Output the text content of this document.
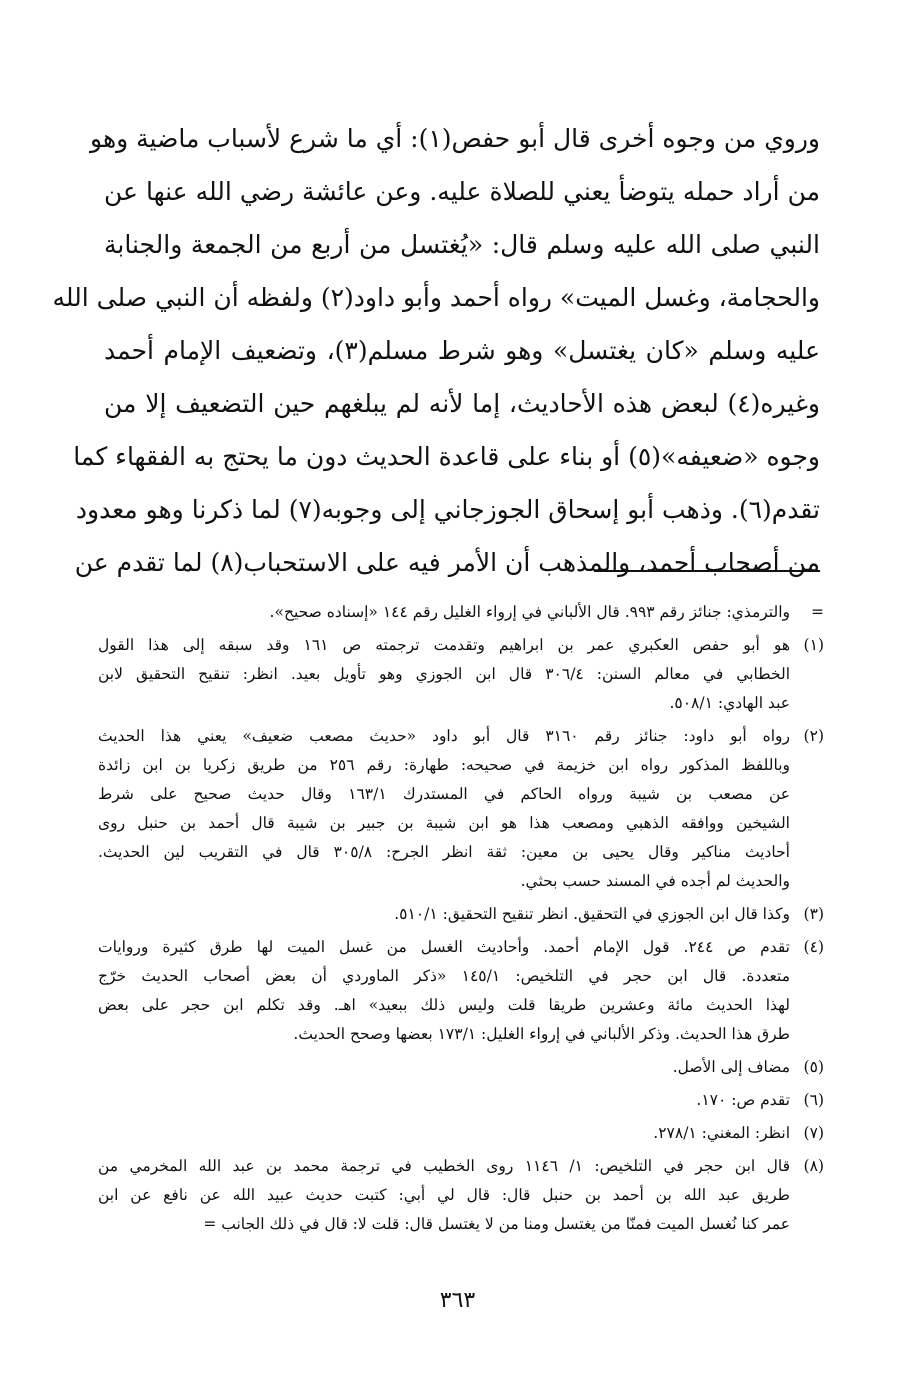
وروي من وجوه أخرى قال أبو حفص(١): أي ما شرع لأسباب ماضية وهو
من أراد حمله يتوضأ يعني للصلاة عليه. وعن عائشة رضي الله عنها عن
النبي صلى الله عليه وسلم قال: «يُغتسل من أربع من الجمعة والجنابة
والحجامة، وغسل الميت» رواه أحمد وأبو داود(٢) ولفظه أن النبي صلى الله
عليه وسلم «كان يغتسل» وهو شرط مسلم(٣)، وتضعيف الإمام أحمد
وغيره(٤) لبعض هذه الأحاديث، إما لأنه لم يبلغهم حين التضعيف إلا من
وجوه «ضعيفه»(٥) أو بناء على قاعدة الحديث دون ما يحتج به الفقهاء كما
تقدم(٦). وذهب أبو إسحاق الجوزجاني إلى وجوبه(٧) لما ذكرنا وهو معدود
من أصحاب أحمد، والمذهب أن الأمر فيه على الاستحباب(٨) لما تقدم عن
=
والترمذي: جنائز رقم ٩٩٣. قال الألباني في إرواء الغليل رقم ١٤٤ «إسناده صحيح».
(١)
هو أبو حفص العكبري عمر بن ابراهيم وتقدمت ترجمته ص ١٦١ وقد سبقه إلى هذا القول
الخطابي في معالم السنن: ٣٠٦/٤ قال ابن الجوزي وهو تأويل بعيد. انظر: تنقيح التحقيق لابن
عبد الهادي: ٥٠٨/١.
(٢)
رواه أبو داود: جنائز رقم ٣١٦٠ قال أبو داود «حديث مصعب ضعيف» يعني هذا الحديث
وباللفظ المذكور رواه ابن خزيمة في صحيحه: طهارة: رقم ٢٥٦ من طريق زكريا بن ابن زائدة
عن مصعب بن شيبة ورواه الحاكم في المستدرك ١٦٣/١ وقال حديث صحيح على شرط
الشيخين ووافقه الذهبي ومصعب هذا هو ابن شيبة بن جبير بن شيبة قال أحمد بن حنبل روى
أحاديث مناكير وقال يحيى بن معين: ثقة انظر الجرح: ٣٠٥/٨ قال في التقريب لين الحديث.
والحديث لم أجده في المسند حسب بحثي.
(٣)
وكذا قال ابن الجوزي في التحقيق. انظر تنقيح التحقيق: ٥١٠/١.
(٤)
تقدم ص ٢٤٤. قول الإمام أحمد. وأحاديث الغسل من غسل الميت لها طرق كثيرة وروايات
متعددة. قال ابن حجر في التلخيص: ١٤٥/١ «ذكر الماوردي أن بعض أصحاب الحديث خرّج
لهذا الحديث مائة وعشرين طريقا قلت وليس ذلك ببعيد» اهـ. وقد تكلم ابن حجر على بعض
طرق هذا الحديث. وذكر الألباني في إرواء الغليل: ١٧٣/١ بعضها وصحح الحديث.
(٥)
مضاف إلى الأصل.
(٦)
تقدم ص: ١٧٠.
(٧)
انظر: المغني: ٢٧٨/١.
(٨)
قال ابن حجر في التلخيص: ١/ ١١٤٦ روى الخطيب في ترجمة محمد بن عبد الله المخرمي من
طريق عبد الله بن أحمد بن حنبل قال: قال لي أبي: كتبت حديث عبيد الله عن نافع عن ابن
عمر كنا نُغسل الميت فمنّا من يغتسل ومنا من لا يغتسل قال: قلت لا: قال في ذلك الجانب =
٣٦٣
